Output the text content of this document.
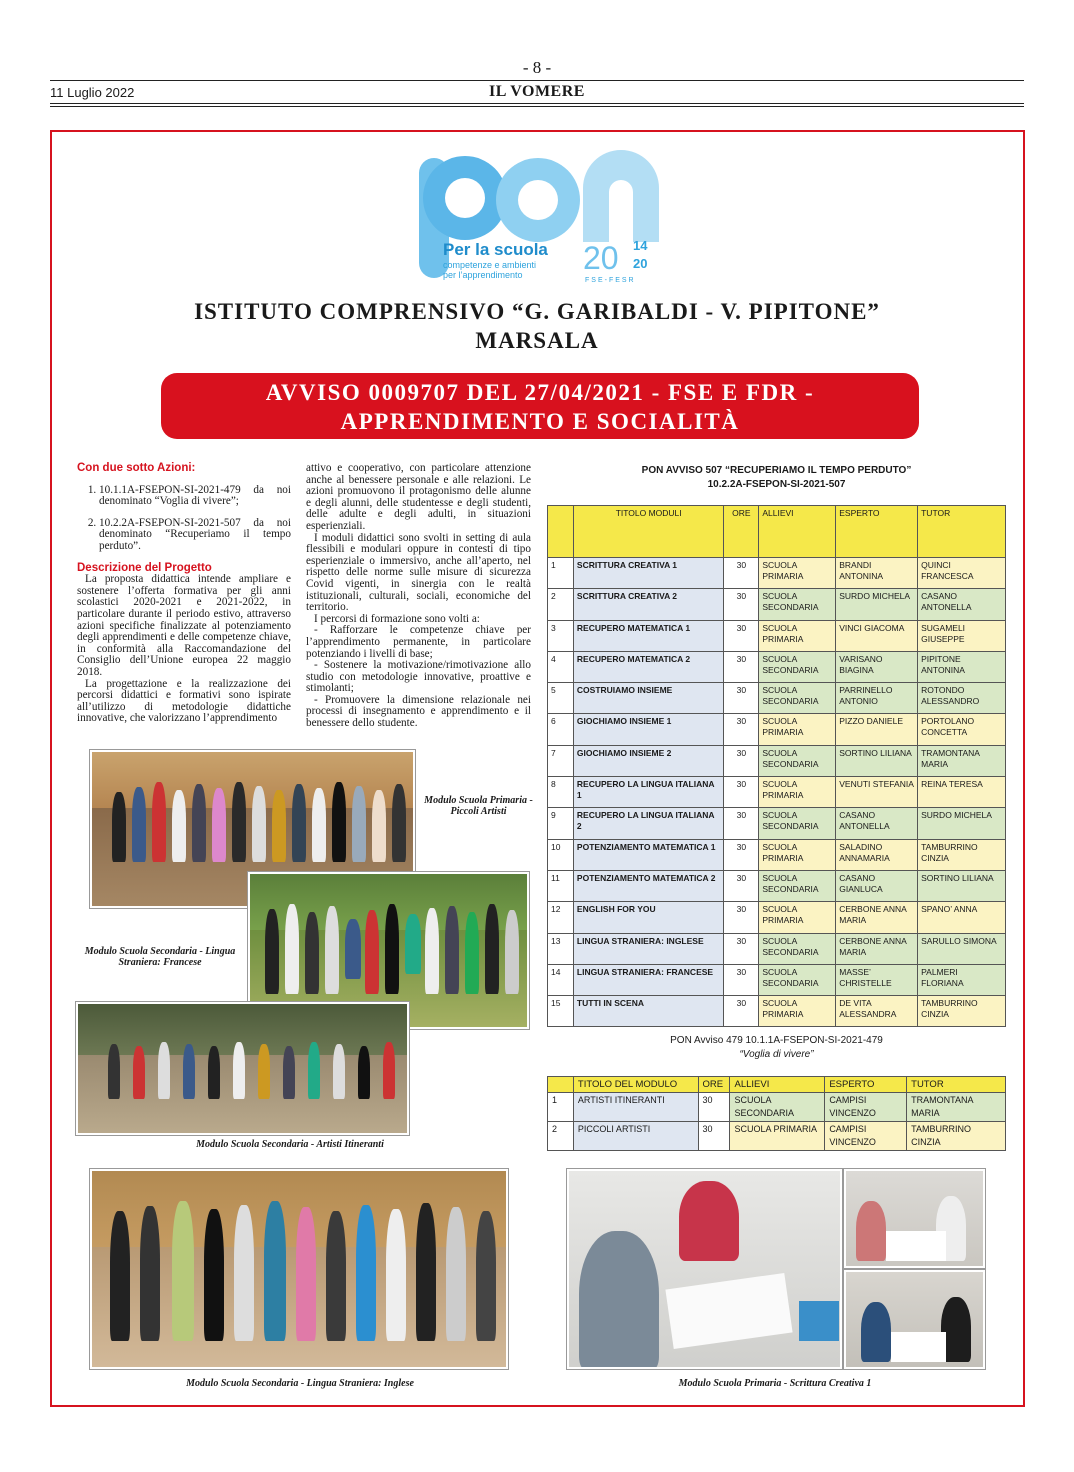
- 8 -
11 Luglio 2022	IL VOMERE
Per la scuola
competenze e ambienti
per l’apprendimento 20 14
20
FSE-FESR
ISTITUTO COMPRENSIVO “G. GARIBALDI - V. PIPITONE”
MARSALA
AVVISO 0009707 DEL 27/04/2021 - FSE E FDR -
APPRENDIMENTO E SOCIALITÀ
Con due sotto Azioni:
1. 10.1.1A-FSEPON-SI-2021-479 da noi denominato “Voglia di vivere”;
2. 10.2.2A-FSEPON-SI-2021-507 da noi denominato “Recuperiamo il tempo perduto”.
Descrizione del Progetto

La proposta didattica intende ampliare e sostenere l’offerta formativa per gli anni scolastici 2020-2021 e 2021-2022, in particolare durante il periodo estivo, attraverso azioni specifiche finalizzate al potenziamento degli apprendimenti e delle competenze chiave, in conformità alla Raccomandazione del Consiglio dell’Unione europea 22 maggio 2018.

La progettazione e la realizzazione dei percorsi didattici e formativi sono ispirate all’utilizzo di metodologie didattiche innovative, che valorizzano l’apprendimento

attivo e cooperativo, con particolare attenzione anche al benessere personale e alle relazioni. Le azioni promuovono il protagonismo delle alunne e degli alunni, delle studentesse e degli studenti, delle adulte e degli adulti, in situazioni esperienziali.

I moduli didattici sono svolti in setting di aula flessibili e modulari oppure in contesti di tipo esperienziale o immersivo, anche all’aperto, nel rispetto delle norme sulle misure di sicurezza Covid vigenti, in sinergia con le realtà istituzionali, culturali, sociali, economiche del territorio.

I percorsi di formazione sono volti a:

- Rafforzare le competenze chiave per l’apprendimento permanente, in particolare potenziando i livelli di base;

- Sostenere la motivazione/rimotivazione allo studio con metodologie innovative, proattive e stimolanti;

- Promuovere la dimensione relazionale nei processi di insegnamento e apprendimento e il benessere dello studente.

Modulo Scuola Primaria - Piccoli Artisti
Modulo Scuola Secondaria - Lingua Straniera: Francese
Modulo Scuola Secondaria - Artisti Itineranti
Modulo Scuola Secondaria - Lingua Straniera: Inglese	Modulo Scuola Primaria - Scrittura Creativa 1
PON AVVISO 507 “RECUPERIAMO IL TEMPO PERDUTO”
10.2.2A-FSEPON-SI-2021-507
	TITOLO MODULI	ORE	ALLIEVI	ESPERTO	TUTOR
1	SCRITTURA CREATIVA 1	30	SCUOLA PRIMARIA	BRANDI ANTONINA	QUINCI FRANCESCA
2	SCRITTURA CREATIVA 2	30	SCUOLA SECONDARIA	SURDO MICHELA	CASANO ANTONELLA
3	RECUPERO MATEMATICA 1	30	SCUOLA PRIMARIA	VINCI GIACOMA	SUGAMELI GIUSEPPE
4	RECUPERO MATEMATICA 2	30	SCUOLA SECONDARIA	VARISANO BIAGINA	PIPITONE ANTONINA
5	COSTRUIAMO INSIEME	30	SCUOLA SECONDARIA	PARRINELLO ANTONIO	ROTONDO ALESSANDRO
6	GIOCHIAMO INSIEME 1	30	SCUOLA PRIMARIA	PIZZO DANIELE	PORTOLANO CONCETTA
7	GIOCHIAMO INSIEME 2	30	SCUOLA SECONDARIA	SORTINO LILIANA	TRAMONTANA MARIA
8	RECUPERO LA LINGUA ITALIANA 1	30	SCUOLA PRIMARIA	VENUTI STEFANIA	REINA TERESA
9	RECUPERO LA LINGUA ITALIANA 2	30	SCUOLA SECONDARIA	CASANO ANTONELLA	SURDO MICHELA
10	POTENZIAMENTO MATEMATICA 1	30	SCUOLA PRIMARIA	SALADINO ANNAMARIA	TAMBURRINO CINZIA
11	POTENZIAMENTO MATEMATICA 2	30	SCUOLA SECONDARIA	CASANO GIANLUCA	SORTINO LILIANA
12	ENGLISH FOR YOU	30	SCUOLA PRIMARIA	CERBONE ANNA MARIA	SPANO’ ANNA
13	LINGUA STRANIERA: INGLESE	30	SCUOLA SECONDARIA	CERBONE ANNA MARIA	SARULLO SIMONA
14	LINGUA STRANIERA: FRANCESE	30	SCUOLA SECONDARIA	MASSE’ CHRISTELLE	PALMERI FLORIANA
15	TUTTI IN SCENA	30	SCUOLA PRIMARIA	DE VITA ALESSANDRA	TAMBURRINO CINZIA
PON Avviso 479 10.1.1A-FSEPON-SI-2021-479
“Voglia di vivere”
	TITOLO DEL MODULO	ORE	ALLIEVI	ESPERTO	TUTOR
1	ARTISTI ITINERANTI	30	SCUOLA SECONDARIA	CAMPISI VINCENZO	TRAMONTANA MARIA
2	PICCOLI ARTISTI	30	SCUOLA PRIMARIA	CAMPISI VINCENZO	TAMBURRINO CINZIA
